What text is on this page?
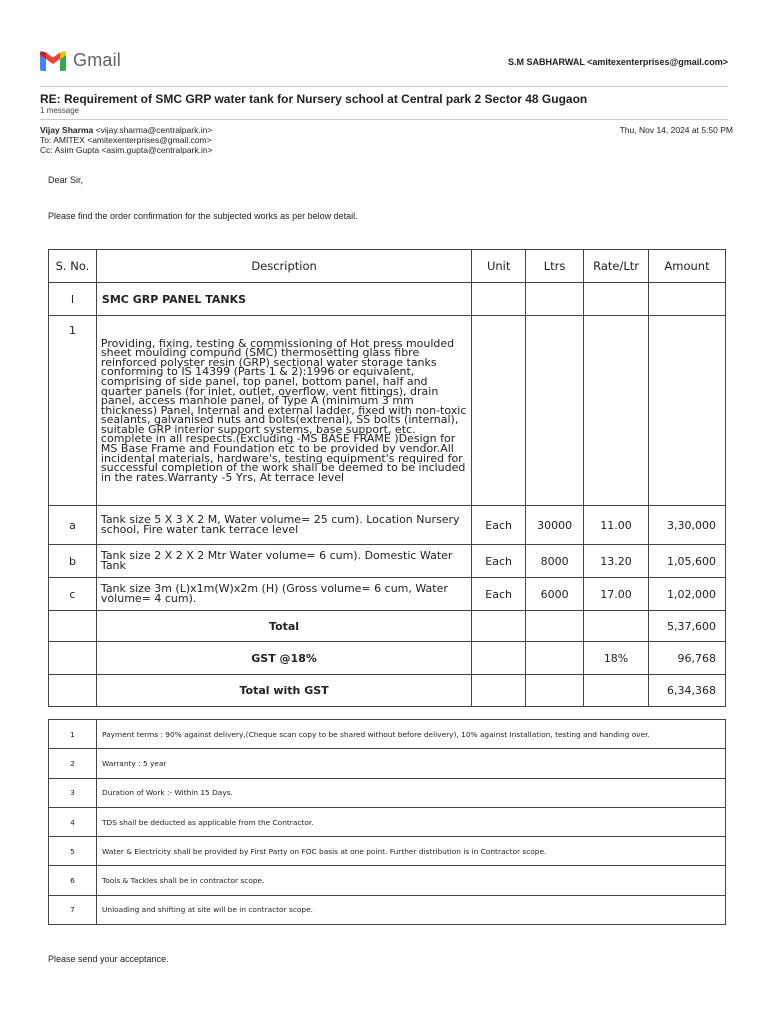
Gmail	S.M SABHARWAL <amitexenterprises@gmail.com>
RE: Requirement of SMC GRP water tank for Nursery school at Central park 2 Sector 48 Gugaon
1 message
Vijay Sharma <vijay.sharma@centralpark.in>
To: AMITEX <amitexenterprises@gmail.com>
Cc: Asim Gupta <asim.gupta@centralpark.in>
Thu, Nov 14, 2024 at 5:50 PM
Dear Sir,
Please find the order confirmation for the subjected works as per below detail.
S. No.	Description	Unit	Ltrs	Rate/Ltr	Amount
I	SMC GRP PANEL TANKS				
1	Providing, fixing, testing & commissioning of Hot press moulded sheet moulding compund (SMC) thermosetting glass fibre reinforced polyster resin (GRP) sectional water storage tanks conforming to IS 14399 (Parts 1 & 2):1996 or equivalent, comprising of side panel, top panel, bottom panel, half and quarter panels (for inlet, outlet, overflow, vent fittings), drain panel, access manhole panel, of Type A (minimum 3 mm thickness) Panel, Internal and external ladder, fixed with non-toxic sealants, galvanised nuts and bolts(extrenal), SS bolts (internal), suitable GRP interior support systems, base support, etc. complete in all respects.(Excluding -MS BASE FRAME )Design for MS Base Frame and Foundation etc to be provided by vendor.All incidental materials, hardware's, testing equipment's required for successful completion of the work shall be deemed to be included in the rates.Warranty -5 Yrs, At terrace level				
a	Tank size 5 X 3 X 2 M, Water volume= 25 cum). Location Nursery school, Fire water tank terrace level	Each	30000	11.00	3,30,000
b	Tank size 2 X 2 X 2 Mtr Water volume= 6 cum). Domestic Water Tank	Each	8000	13.20	1,05,600
c	Tank size 3m (L)x1m(W)x2m (H) (Gross volume= 6 cum, Water volume= 4 cum).	Each	6000	17.00	1,02,000
	Total				5,37,600
	GST @18%			18%	96,768
	Total with GST				6,34,368
1	Payment terms : 90% against delivery,(Cheque scan copy to be shared without before delivery), 10% against Installation, testing and handing over.
2	Warranty : 5 year
3	Duration of Work :- Within 15 Days.
4	TDS shall be deducted as applicable from the Contractor.
5	Water & Electricity shall be provided by First Party on FOC basis at one point. Further distribution is in Contractor scope.
6	Tools & Tackles shall be in contractor scope.
7	Unloading and shifting at site will be in contractor scope.
Please send your acceptance.
